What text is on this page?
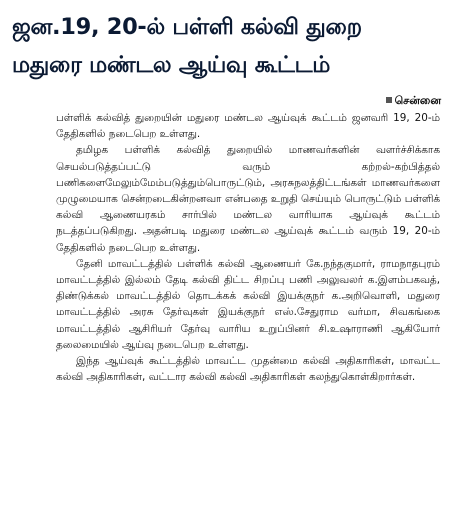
ஜன.19, 20-ல் பள்ளி கல்வி துறை
மதுரை மண்டல ஆய்வு கூட்டம்
சென்னை

பள்ளிக் கல்வித் துறையின் மதுரை மண்டல ஆய்வுக் கூட்டம் ஜனவரி 19, 20-ம் தேதிகளில் நடைபெற உள்ளது.

தமிழக பள்ளிக் கல்வித் துறையில் மாணவர்களின் வளர்ச்சிக்காக செயல்படுத்தப்பட்டு வரும் கற்றல்-கற்பித்தல் பணிகளைமேலும்மேம்படுத்தும்பொருட்டும், அரசுநலத்திட்டங்கள் மாணவர்களை முழுமையாக சென்றடைகின்றனவா என்பதை உறுதி செய்யும் பொருட்டும் பள்ளிக் கல்வி ஆணையரகம் சார்பில் மண்டல வாரியாக ஆய்வுக் கூட்டம் நடத்தப்படுகிறது. அதன்படி மதுரை மண்டல ஆய்வுக் கூட்டம் வரும் 19, 20-ம் தேதிகளில் நடைபெற உள்ளது.

தேனி மாவட்டத்தில் பள்ளிக் கல்வி ஆணையர் கே.நந்தகுமார், ராமநாதபுரம் மாவட்டத்தில் இல்லம் தேடி கல்வி திட்ட சிறப்பு பணி அலுவலர் க.இளம்பகவத், திண்டுக்கல் மாவட்டத்தில் தொடக்கக் கல்வி இயக்குநர் க.அறிவொளி, மதுரை மாவட்டத்தில் அரசு தேர்வுகள் இயக்குநர் எஸ்.சேதுராம வர்மா, சிவகங்கை மாவட்டத்தில் ஆசிரியர் தேர்வு வாரிய உறுப்பினர் சி.உஷாராணி ஆகியோர் தலைமையில் ஆய்வு நடைபெற உள்ளது.

இந்த ஆய்வுக் கூட்டத்தில் மாவட்ட முதன்மை கல்வி அதிகாரிகள், மாவட்ட கல்வி அதிகாரிகள், வட்டார கல்வி கல்வி அதிகாரிகள் கலந்துகொள்கிறார்கள்.
